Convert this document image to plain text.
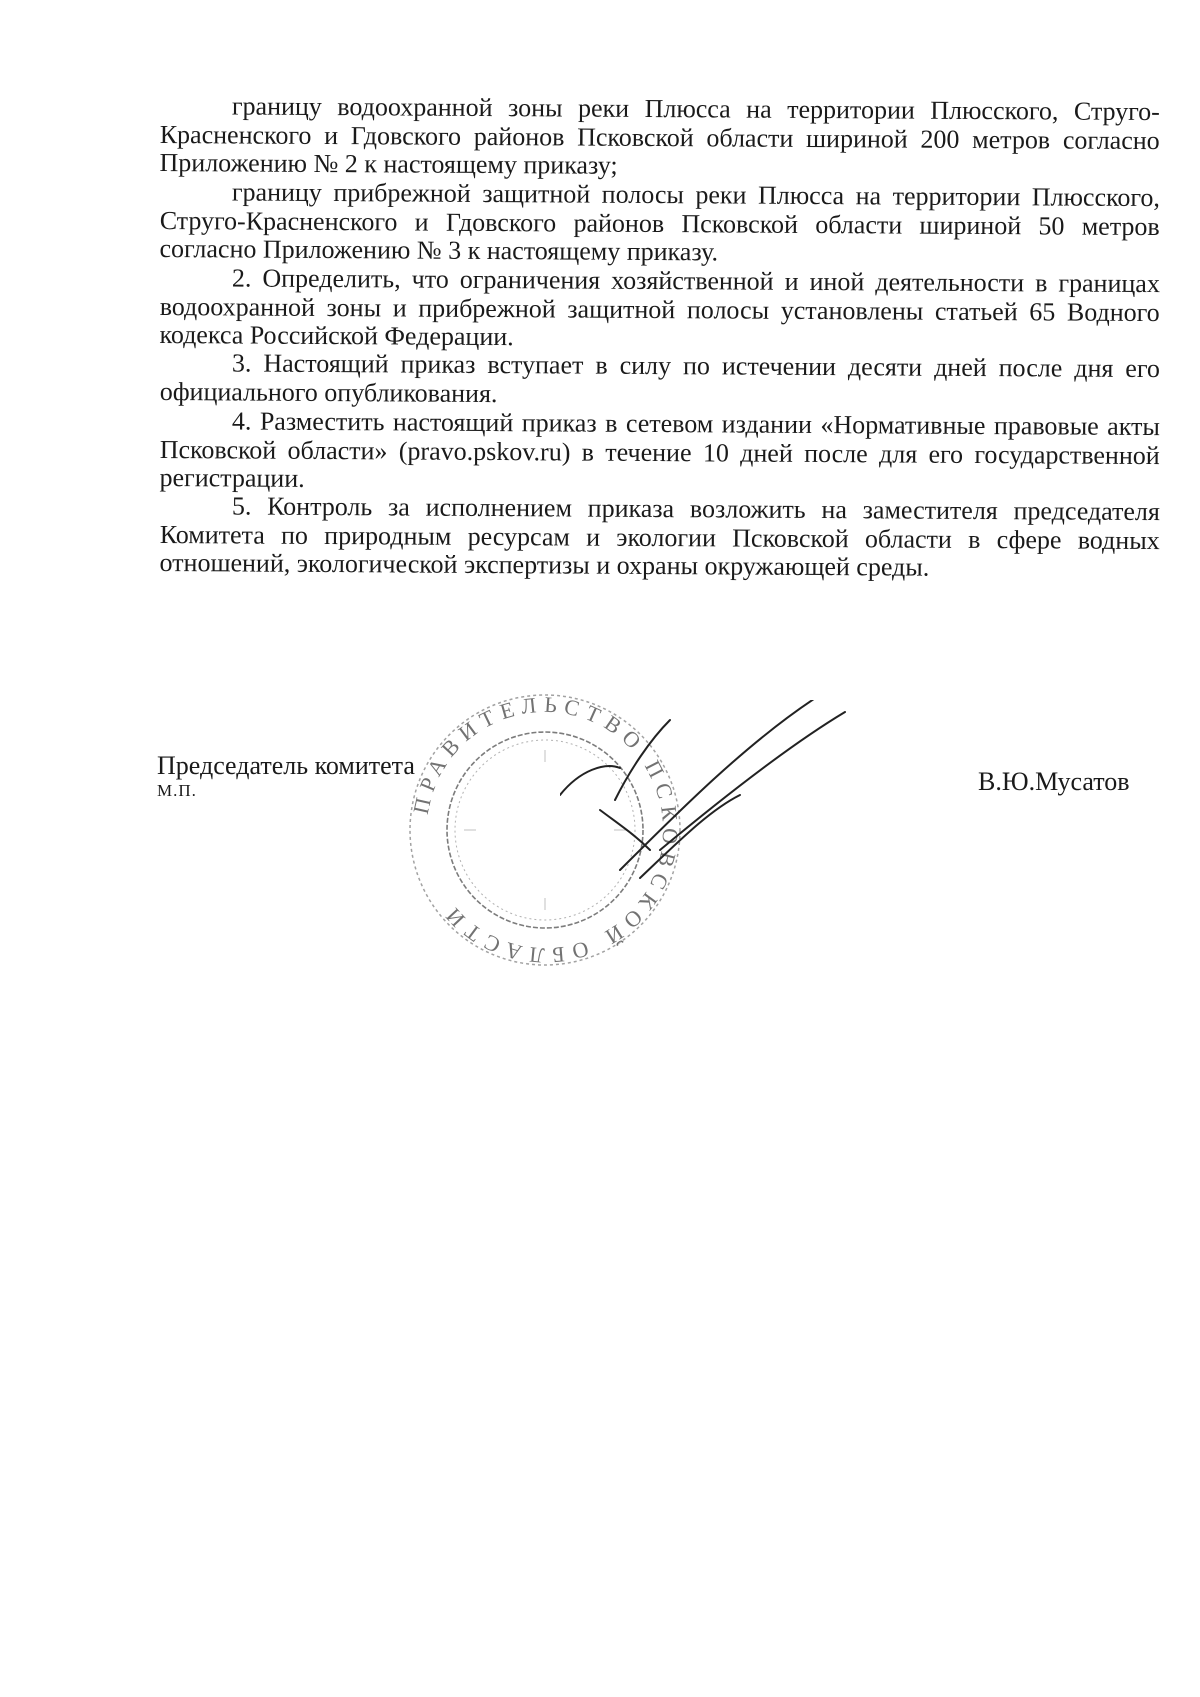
границу водоохранной зоны реки Плюсса на территории Плюсского, Струго-Красненского и Гдовского районов Псковской области шириной 200 метров согласно Приложению № 2 к настоящему приказу;

границу прибрежной защитной полосы реки Плюсса на территории Плюсского, Струго-Красненского и Гдовского районов Псковской области шириной 50 метров согласно Приложению № 3 к настоящему приказу.

2. Определить, что ограничения хозяйственной и иной деятельности в границах водоохранной зоны и прибрежной защитной полосы установлены статьей 65 Водного кодекса Российской Федерации.

3. Настоящий приказ вступает в силу по истечении десяти дней после дня его официального опубликования.

4. Разместить настоящий приказ в сетевом издании «Нормативные правовые акты Псковской области» (pravo.pskov.ru) в течение 10 дней после для его государственной регистрации.

5. Контроль за исполнением приказа возложить на заместителя председателя Комитета по природным ресурсам и экологии Псковской области в сфере водных отношений, экологической экспертизы и охраны окружающей среды.

ПРАВИТЕЛЬСТВО ПСКОВСКОЙ ОБЛАСТИ
Председатель комитета
М.П.	В.Ю.Мусатов
